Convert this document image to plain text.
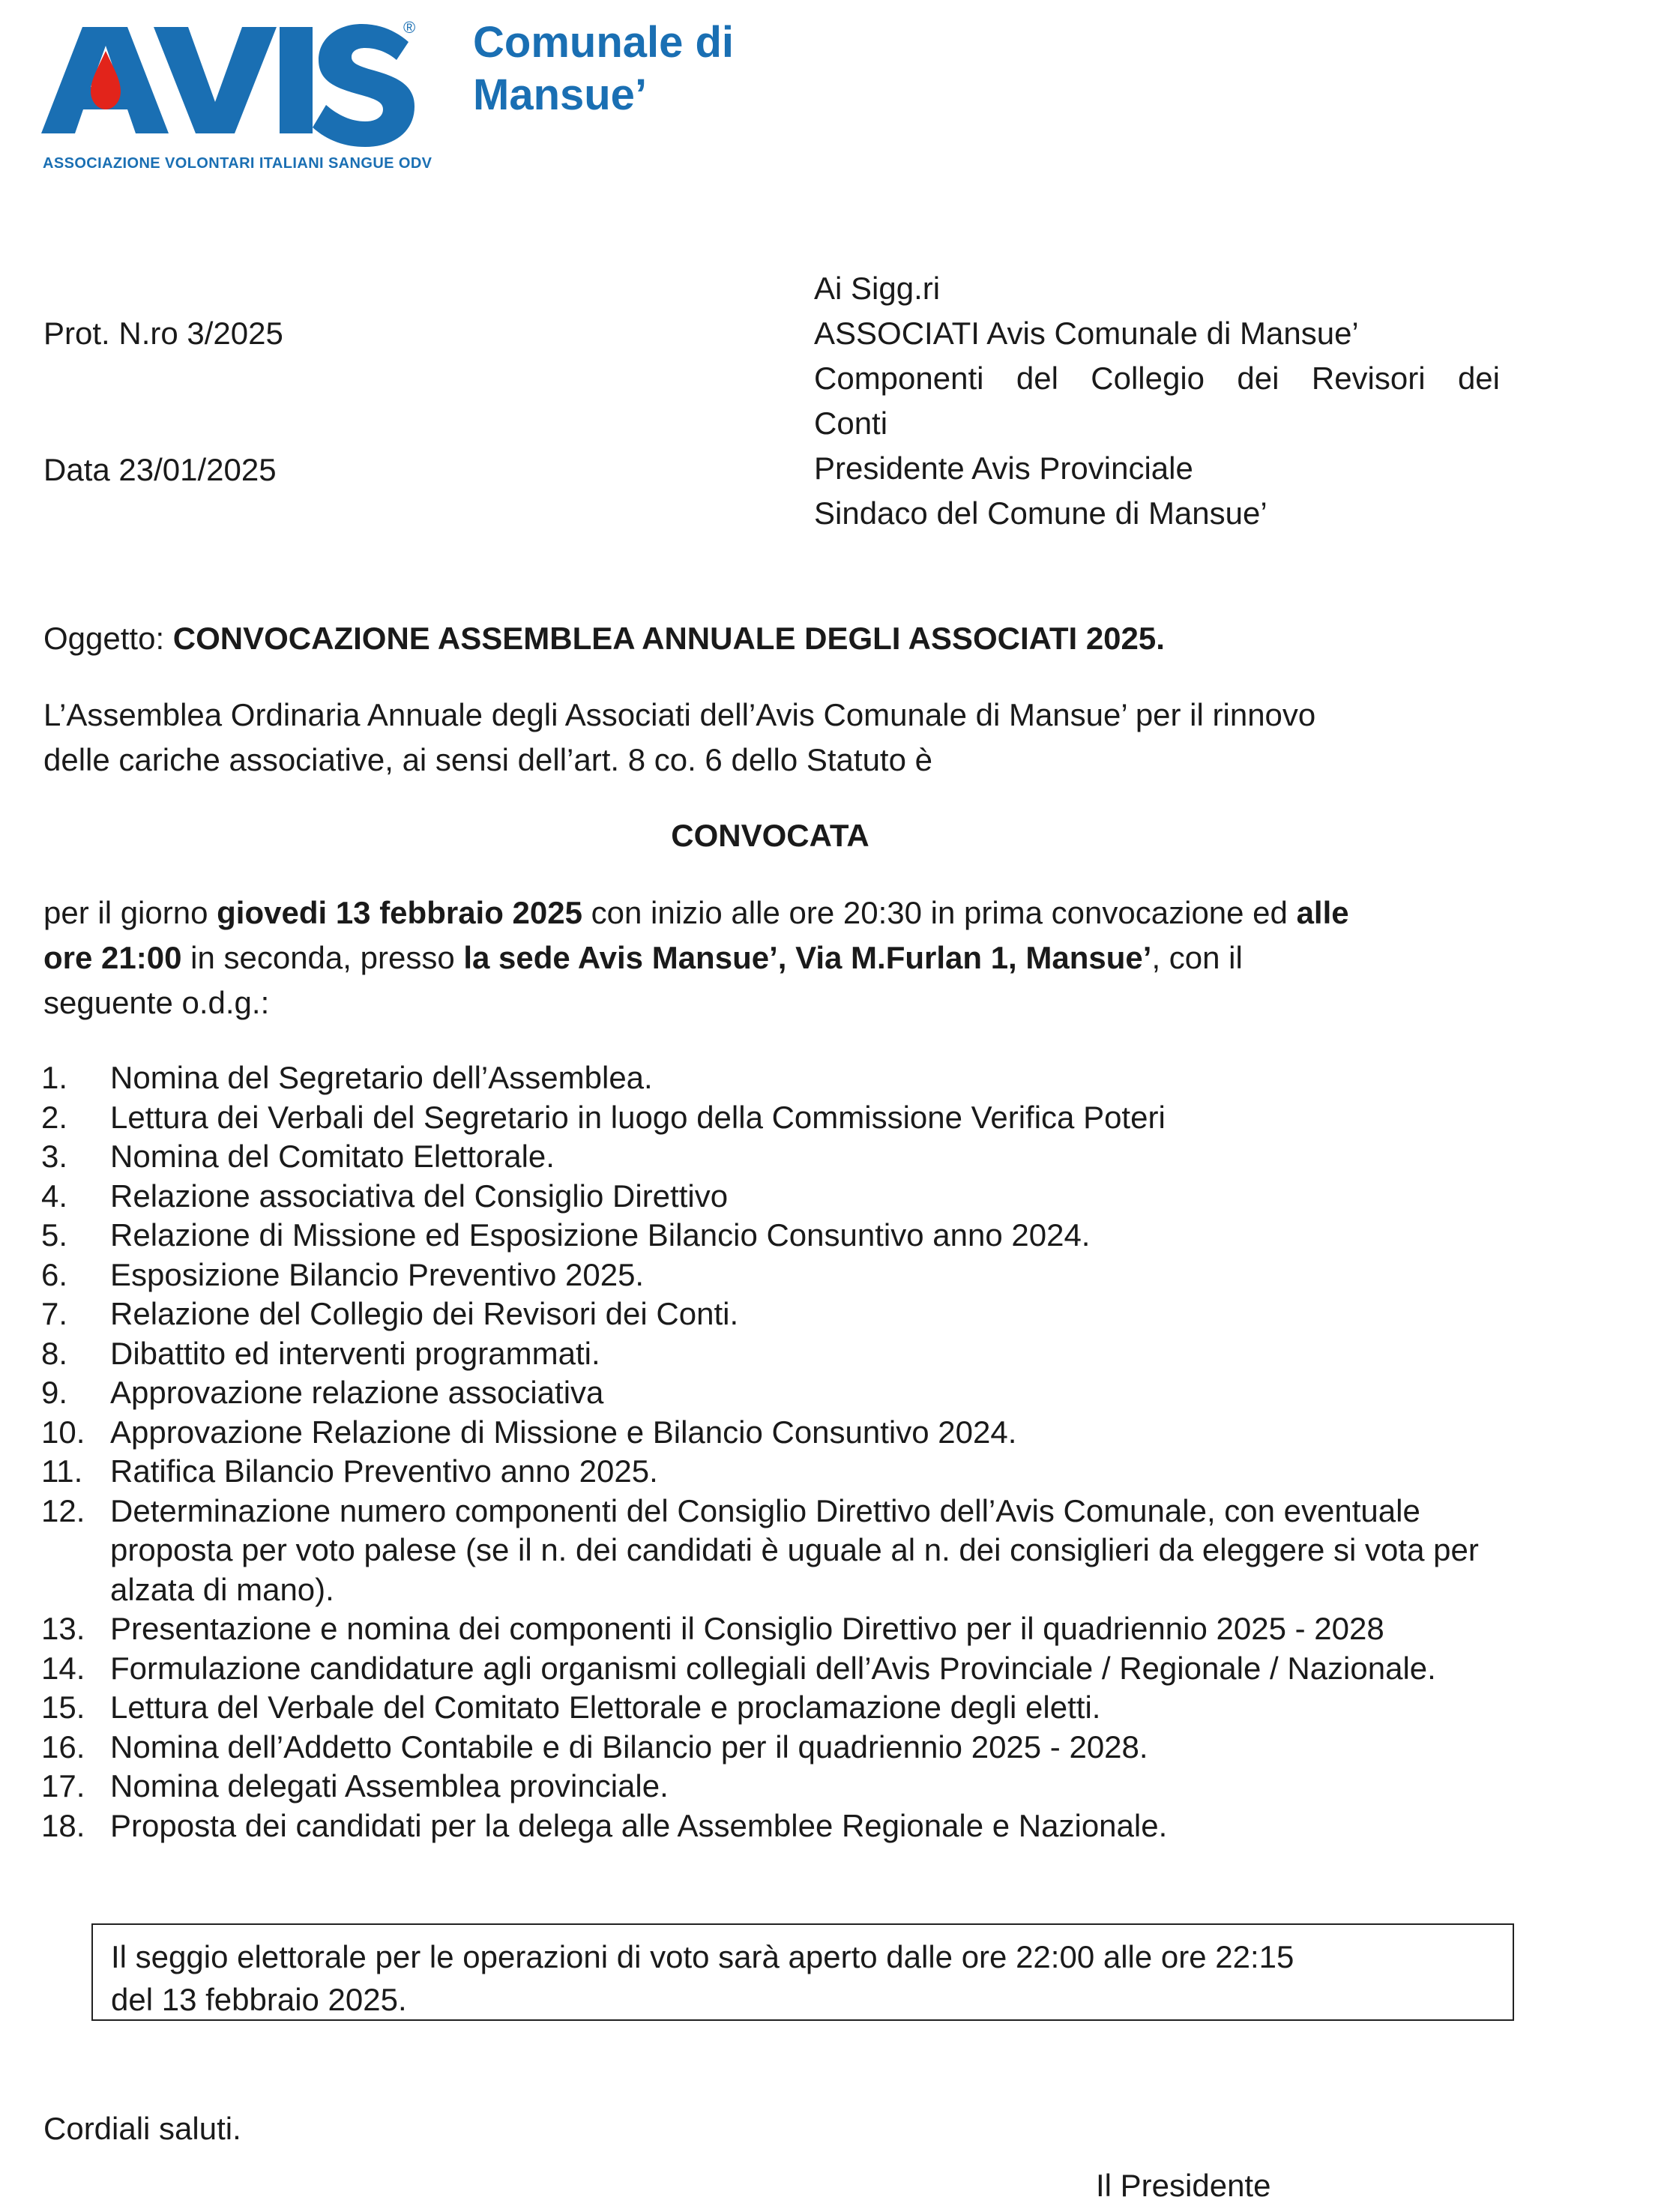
®
ASSOCIAZIONE VOLONTARI ITALIANI SANGUE ODV
Comunale di
Mansue’
Prot. N.ro 3/2025
Data 23/01/2025
Ai Sigg.ri
ASSOCIATI Avis Comunale di Mansue’
Componenti del Collegio dei Revisori dei
Conti
Presidente Avis Provinciale
Sindaco del Comune di Mansue’
Oggetto: CONVOCAZIONE ASSEMBLEA ANNUALE DEGLI ASSOCIATI 2025.
L’Assemblea Ordinaria Annuale degli Associati dell’Avis Comunale di Mansue’ per il rinnovo
delle cariche associative, ai sensi dell’art. 8 co. 6 dello Statuto è
CONVOCATA
per il giorno giovedi 13 febbraio 2025 con inizio alle ore 20:30 in prima convocazione ed alle
ore 21:00 in seconda, presso la sede Avis Mansue’, Via M.Furlan 1, Mansue’, con il
seguente o.d.g.:
1.	Nomina del Segretario dell’Assemblea.
2.	Lettura dei Verbali del Segretario in luogo della Commissione Verifica Poteri
3.	Nomina del Comitato Elettorale.
4.	Relazione associativa del Consiglio Direttivo
5.	Relazione di Missione ed Esposizione Bilancio Consuntivo anno 2024.
6.	Esposizione Bilancio Preventivo 2025.
7.	Relazione del Collegio dei Revisori dei Conti.
8.	Dibattito ed interventi programmati.
9.	Approvazione relazione associativa
10. Approvazione Relazione di Missione e Bilancio Consuntivo 2024.
11. Ratifica Bilancio Preventivo anno 2025.
12. Determinazione numero componenti del Consiglio Direttivo dell’Avis Comunale, con eventuale proposta per voto palese (se il n. dei candidati è uguale al n. dei consiglieri da eleggere si vota per alzata di mano).
13. Presentazione e nomina dei componenti il Consiglio Direttivo per il quadriennio 2025 - 2028
14. Formulazione candidature agli organismi collegiali dell’Avis Provinciale / Regionale / Nazionale.
15. Lettura del Verbale del Comitato Elettorale e proclamazione degli eletti.
16. Nomina dell’Addetto Contabile e di Bilancio per il quadriennio 2025 - 2028.
17. Nomina delegati Assemblea provinciale.
18. Proposta dei candidati per la delega alle Assemblee Regionale e Nazionale.
Il seggio elettorale per le operazioni di voto sarà aperto dalle ore 22:00 alle ore 22:15
del 13 febbraio 2025.
Cordiali saluti.
Il Presidente
